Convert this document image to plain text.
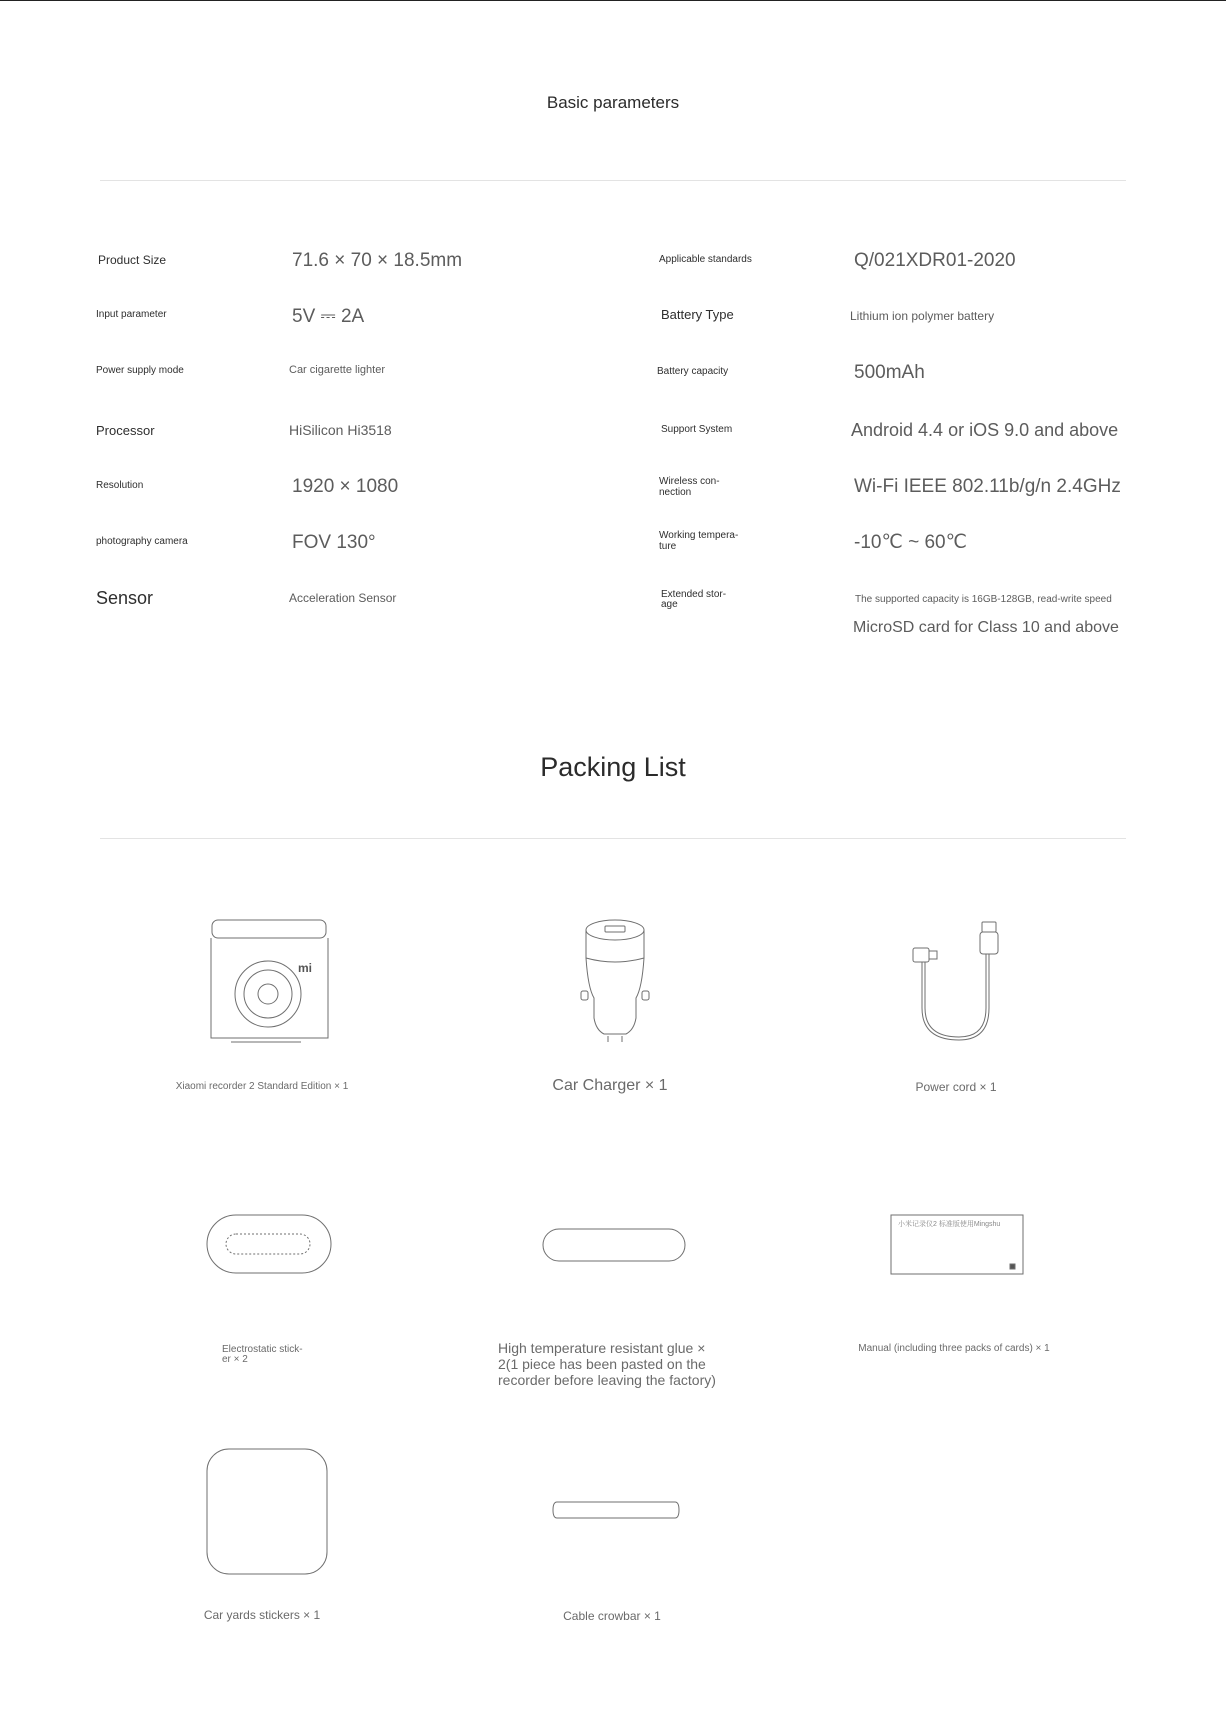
Basic parameters
Product Size	71.6 × 70 × 18.5mm
Input parameter	5V ⎓ 2A
Power supply mode	Car cigarette lighter
Processor	HiSilicon Hi3518
Resolution	1920 × 1080
photography camera	FOV 130°
Sensor	Acceleration Sensor
Applicable standards	Q/021XDR01-2020
Battery Type	Lithium ion polymer battery
Battery capacity	500mAh
Support System	Android 4.4 or iOS 9.0 and above
Wireless con-
nection	Wi-Fi IEEE 802.11b/g/n 2.4GHz
Working tempera-
ture	-10℃ ~ 60℃
Extended stor-
age	The supported capacity is 16GB-128GB, read-write speed
MicroSD card for Class 10 and above
Packing List
mi
Xiaomi recorder 2 Standard Edition × 1	Car Charger × 1	Power cord × 1
Electrostatic stick-
er × 2
High temperature resistant glue ×
2(1 piece has been pasted on the
recorder before leaving the factory)
小米记录仪2 标准版使用Mingshu
Manual (including three packs of cards) × 1
Car yards stickers × 1	Cable crowbar × 1
